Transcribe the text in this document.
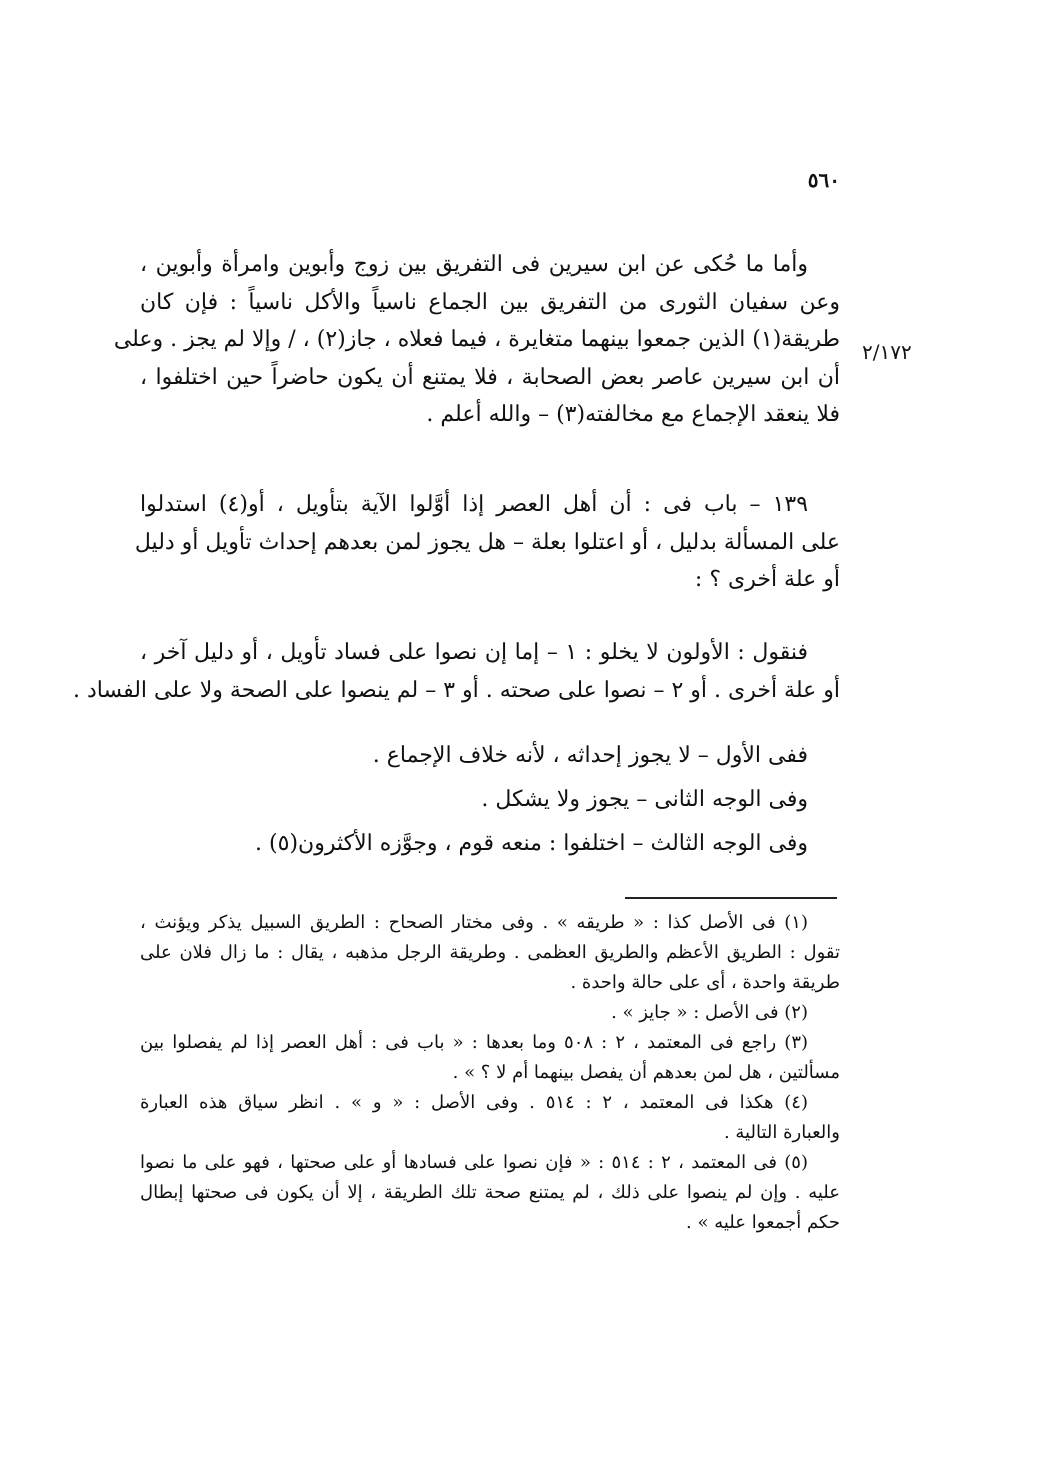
٥٦٠
٢/١٧٢
وأما ما حُكى عن ابن سيرين فى التفريق بين زوج وأبوين وامرأة وأبوين ،
وعن سفيان الثورى من التفريق بين الجماع ناسياً والأكل ناسياً : فإن كان
طريقة(١) الذين جمعوا بينهما متغايرة ، فيما فعلاه ، جاز(٢) ، / وإلا لم يجز . وعلى
أن ابن سيرين عاصر بعض الصحابة ، فلا يمتنع أن يكون حاضراً حين اختلفوا ،
فلا ينعقد الإجماع مع مخالفته(٣) – والله أعلم .
١٣٩ – باب فى : أن أهل العصر إذا أوَّلوا الآية بتأويل ، أو(٤) استدلوا
على المسألة بدليل ، أو اعتلوا بعلة – هل يجوز لمن بعدهم إحداث تأويل أو دليل
أو علة أخرى ؟ :
فنقول : الأولون لا يخلو : ١ – إما إن نصوا على فساد تأويل ، أو دليل آخر ،
أو علة أخرى . أو ٢ – نصوا على صحته . أو ٣ – لم ينصوا على الصحة ولا على الفساد .
ففى الأول – لا يجوز إحداثه ، لأنه خلاف الإجماع .
وفى الوجه الثانى – يجوز ولا يشكل .
وفى الوجه الثالث – اختلفوا : منعه قوم ، وجوَّزه الأكثرون(٥) .
(١) فى الأصل كذا : « طريقه » . وفى مختار الصحاح : الطريق السبيل يذكر ويؤنث ،
تقول : الطريق الأعظم والطريق العظمى . وطريقة الرجل مذهبه ، يقال : ما زال فلان على
طريقة واحدة ، أى على حالة واحدة .
(٢) فى الأصل : « جايز » .
(٣) راجع فى المعتمد ، ٢ : ٥٠٨ وما بعدها : « باب فى : أهل العصر إذا لم يفصلوا بين
مسألتين ، هل لمن بعدهم أن يفصل بينهما أم لا ؟ » .
(٤) هكذا فى المعتمد ، ٢ : ٥١٤ . وفى الأصل : « و » . انظر سياق هذه العبارة
والعبارة التالية .
(٥) فى المعتمد ، ٢ : ٥١٤ : « فإن نصوا على فسادها أو على صحتها ، فهو على ما نصوا
عليه . وإن لم ينصوا على ذلك ، لم يمتنع صحة تلك الطريقة ، إلا أن يكون فى صحتها إبطال
حكم أجمعوا عليه » .
